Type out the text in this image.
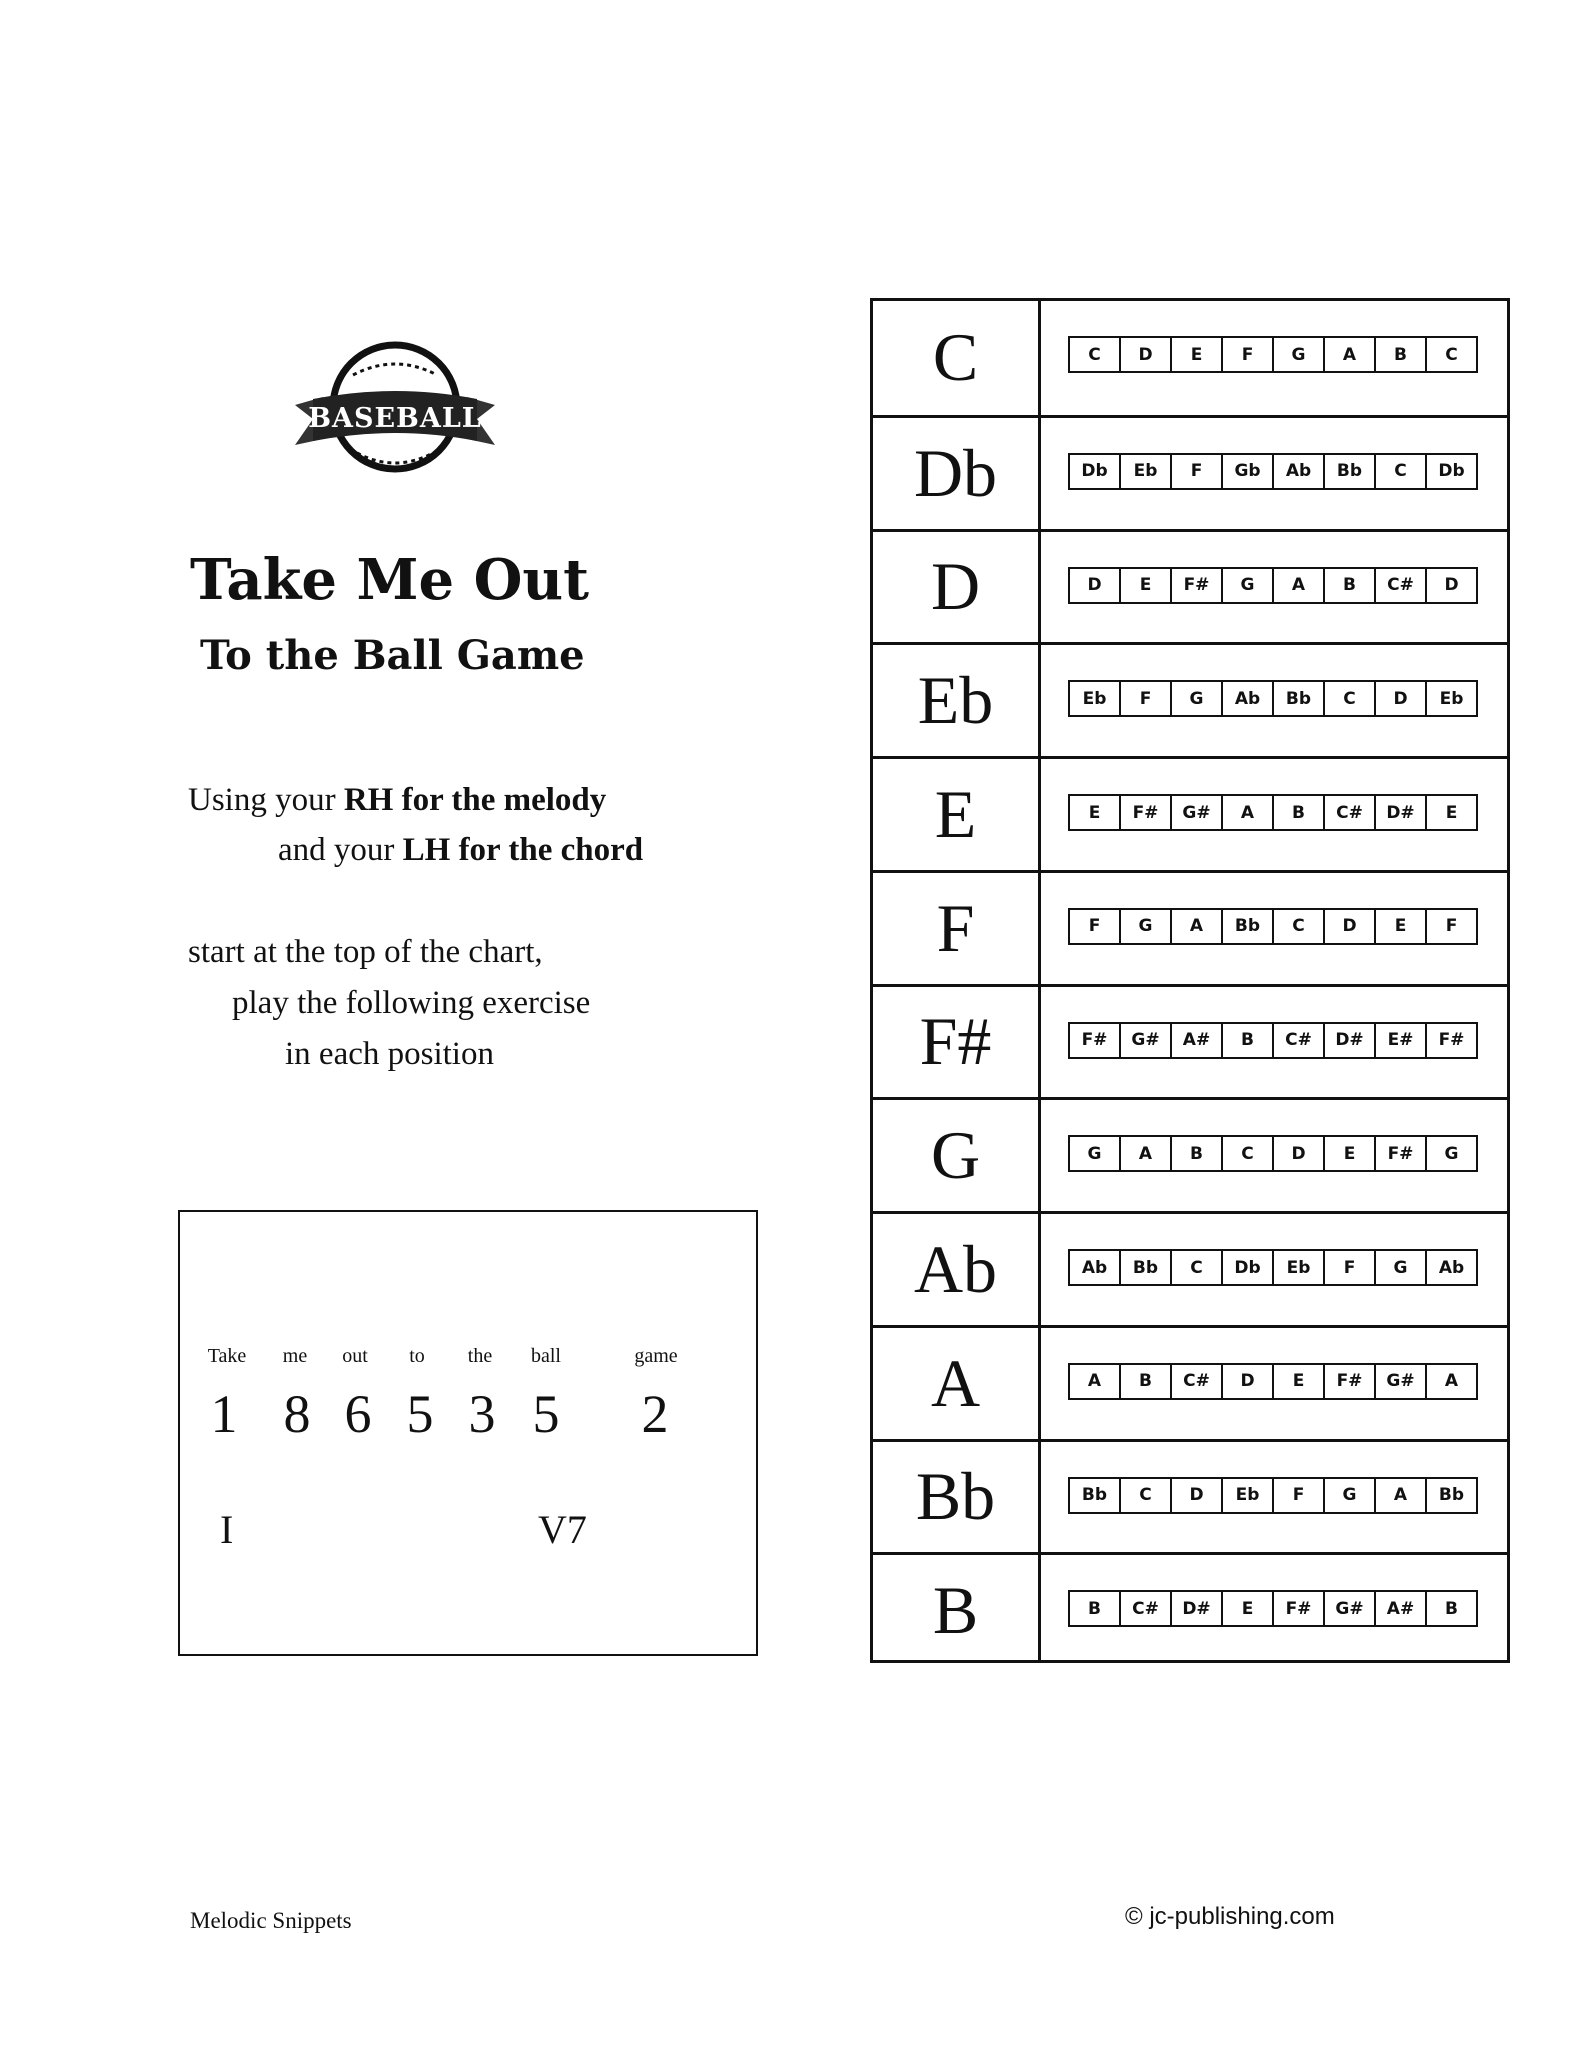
BASEBALL
Take Me Out
To the Ball Game
Using your RH for the melody
and your LH for the chord
start at the top of the chart,
play the following exercise
in each position
Take me out to the ball	game
1 8 6 5 3 5 2
I	V7
C	C	D	E	F	G	A	B	C
Db	Db	Eb	F	Gb	Ab	Bb	C	Db
D	D	E	F#	G	A	B	C#	D
Eb	Eb	F	G	Ab	Bb	C	D	Eb
E	E	F#	G#	A	B	C#	D#	E
F	F	G	A	Bb	C	D	E	F
F#	F#	G#	A#	B	C#	D#	E#	F#
G	G	A	B	C	D	E	F#	G
Ab	Ab	Bb	C	Db	Eb	F	G	Ab
A	A	B	C#	D	E	F#	G#	A
Bb	Bb	C	D	Eb	F	G	A	Bb
B	B	C#	D#	E	F#	G#	A#	B
Melodic Snippets	© jc-publishing.com
